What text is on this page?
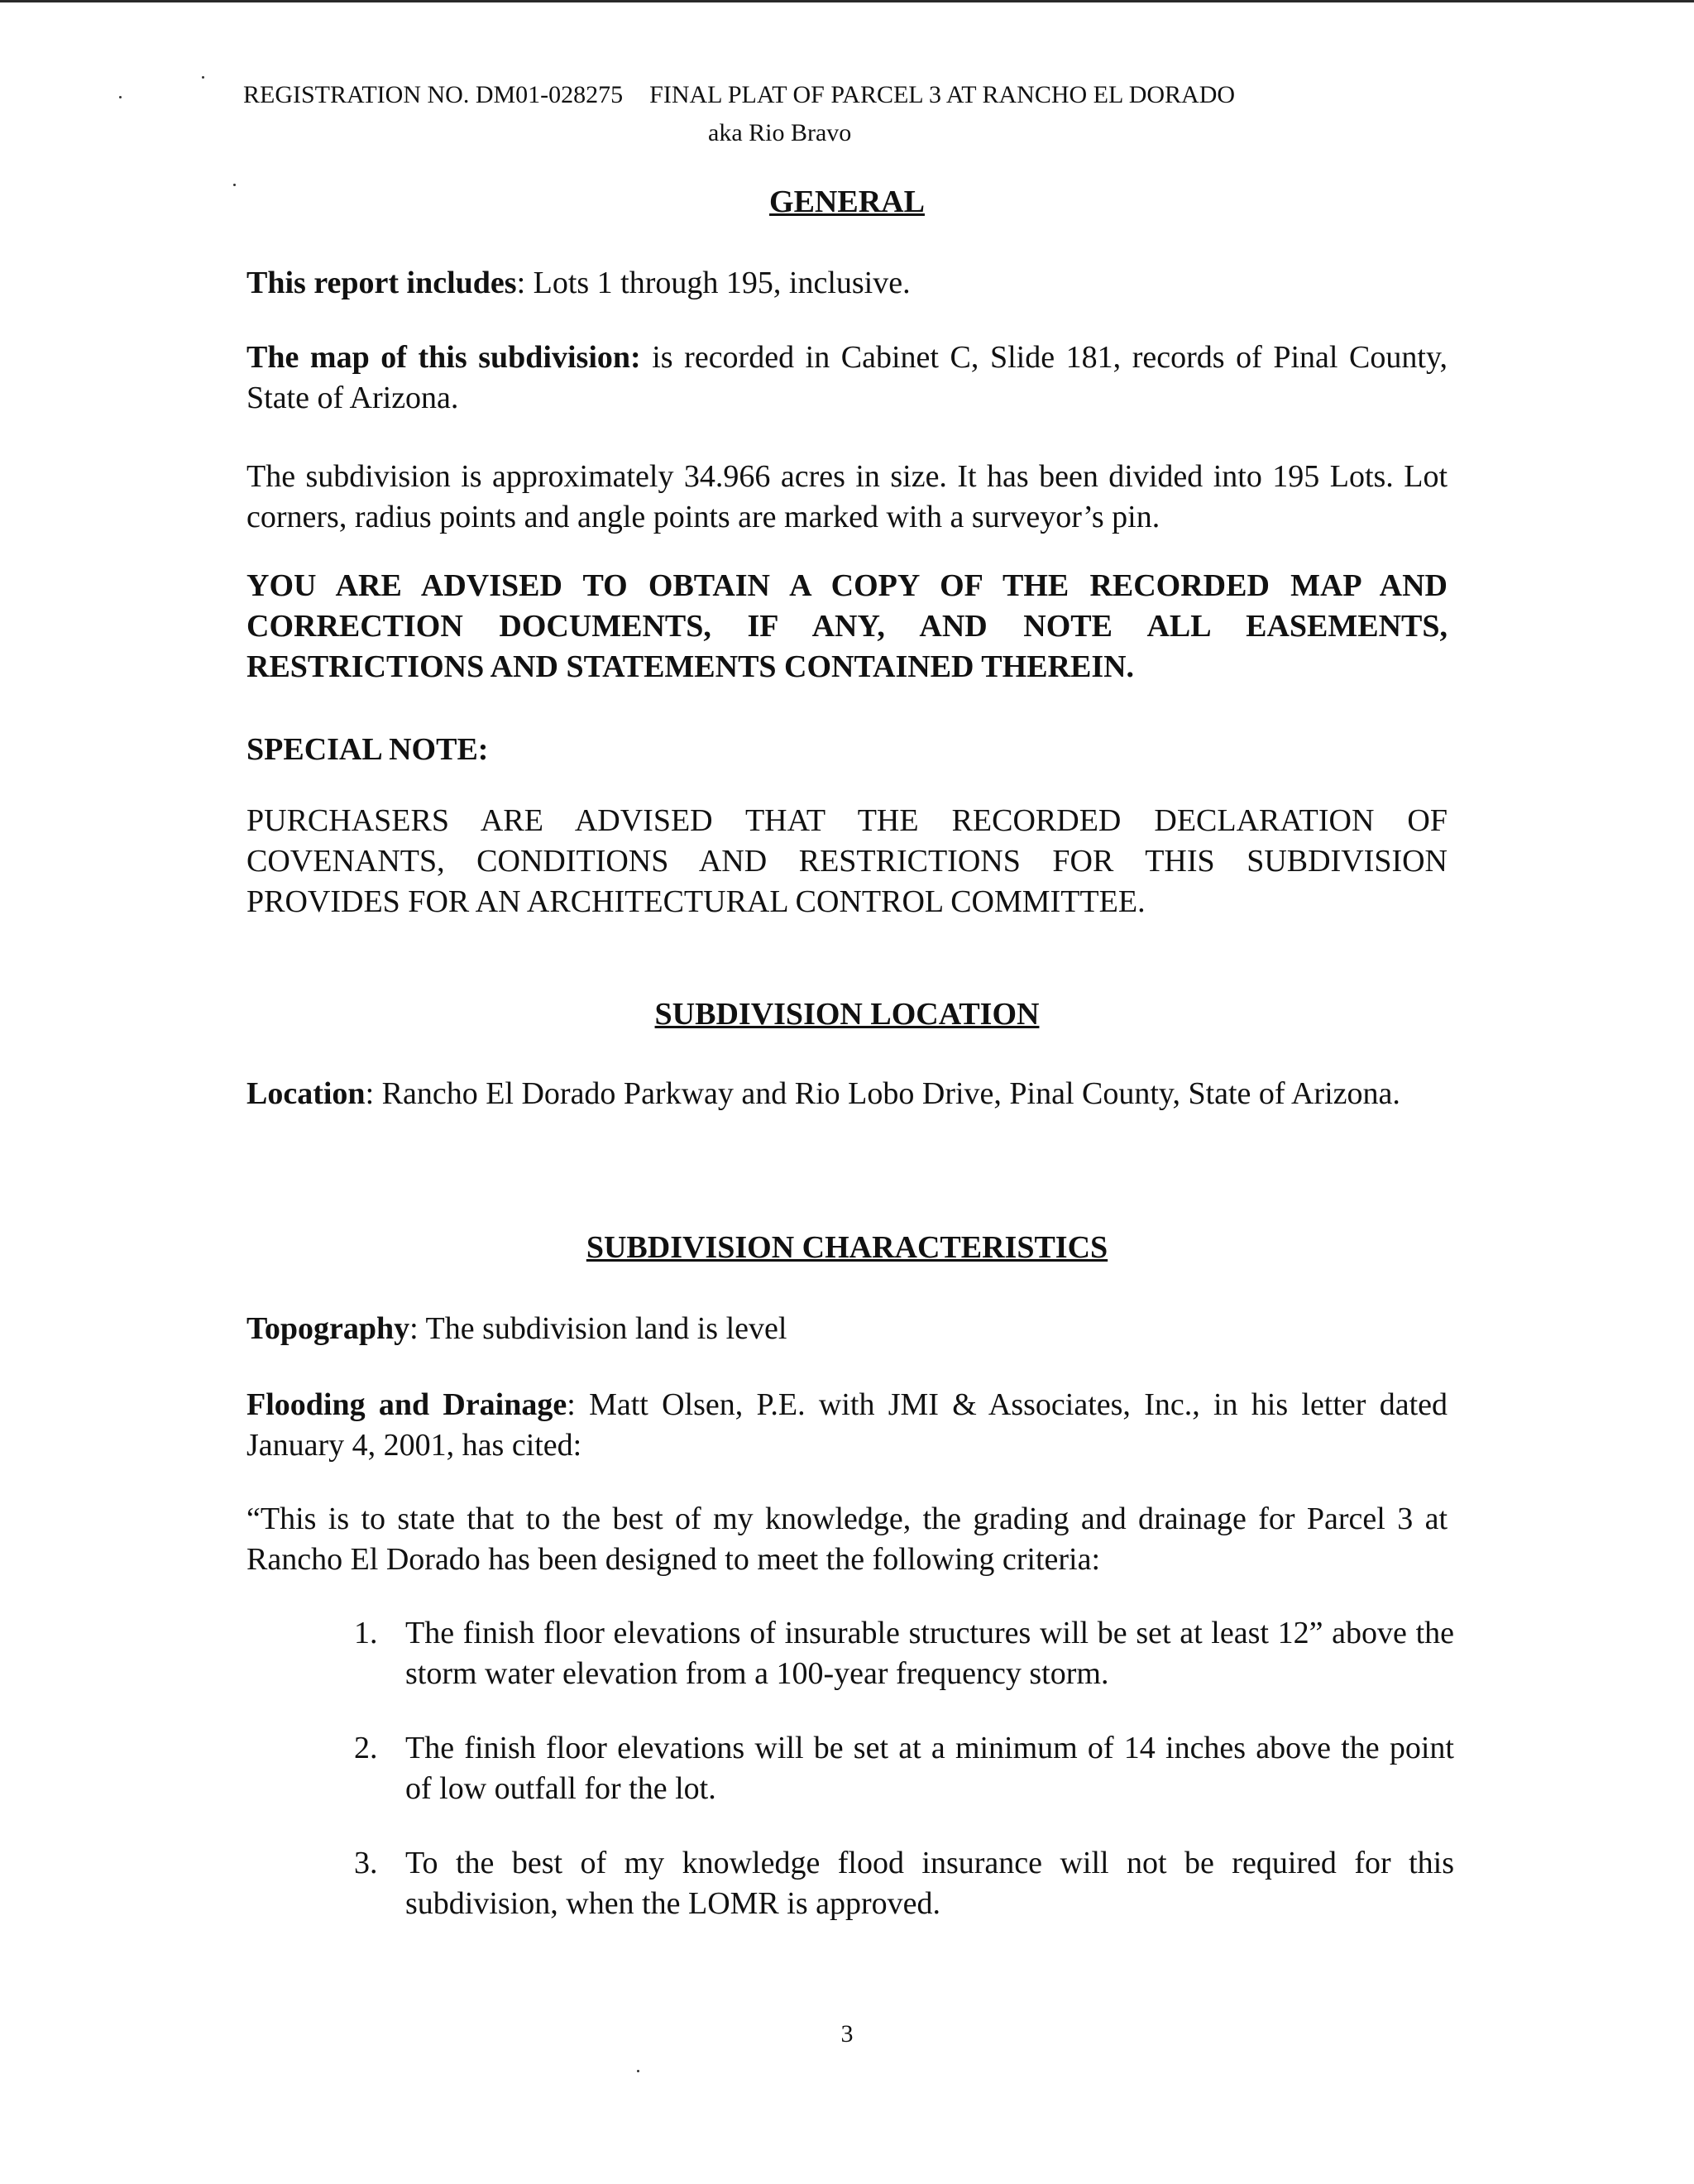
REGISTRATION NO. DM01-028275 FINAL PLAT OF PARCEL 3 AT RANCHO EL DORADO
aka Rio Bravo
GENERAL
This report includes: Lots 1 through 195, inclusive.
The map of this subdivision: is recorded in Cabinet C, Slide 181, records of Pinal County, State of Arizona.
The subdivision is approximately 34.966 acres in size. It has been divided into 195 Lots. Lot corners, radius points and angle points are marked with a surveyor’s pin.
YOU ARE ADVISED TO OBTAIN A COPY OF THE RECORDED MAP AND CORRECTION DOCUMENTS, IF ANY, AND NOTE ALL EASEMENTS, RESTRICTIONS AND STATEMENTS CONTAINED THEREIN.
SPECIAL NOTE:
PURCHASERS ARE ADVISED THAT THE RECORDED DECLARATION OF COVENANTS, CONDITIONS AND RESTRICTIONS FOR THIS SUBDIVISION PROVIDES FOR AN ARCHITECTURAL CONTROL COMMITTEE.
SUBDIVISION LOCATION
Location: Rancho El Dorado Parkway and Rio Lobo Drive, Pinal County, State of Arizona.
SUBDIVISION CHARACTERISTICS
Topography: The subdivision land is level
Flooding and Drainage: Matt Olsen, P.E. with JMI & Associates, Inc., in his letter dated January 4, 2001, has cited:
“This is to state that to the best of my knowledge, the grading and drainage for Parcel 3 at Rancho El Dorado has been designed to meet the following criteria:
1. The finish floor elevations of insurable structures will be set at least 12” above the storm water elevation from a 100-year frequency storm.
2. The finish floor elevations will be set at a minimum of 14 inches above the point of low outfall for the lot.
3. To the best of my knowledge flood insurance will not be required for this subdivision, when the LOMR is approved.
3
